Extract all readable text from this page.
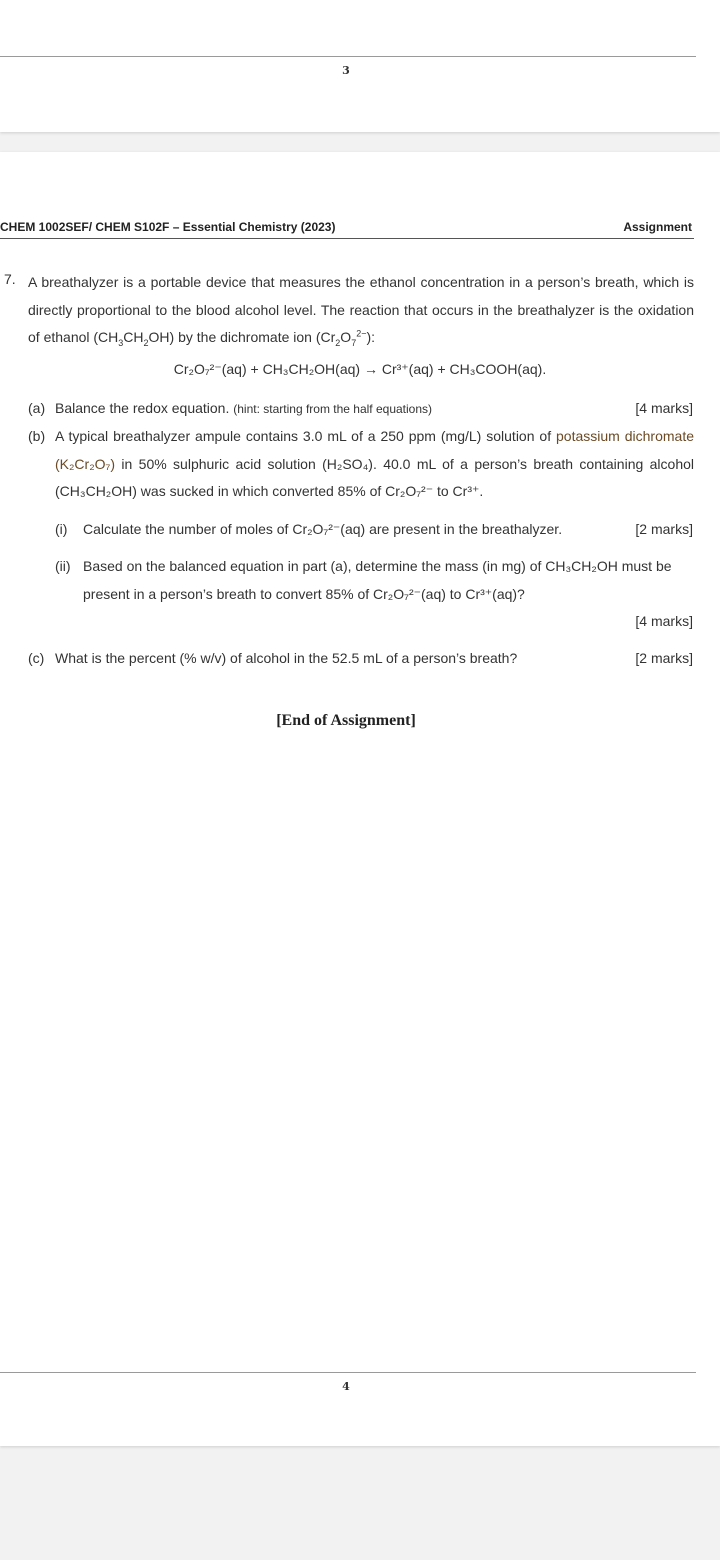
3
CHEM 1002SEF/ CHEM S102F – Essential Chemistry (2023)	Assignment
7. A breathalyzer is a portable device that measures the ethanol concentration in a person’s breath, which is directly proportional to the blood alcohol level. The reaction that occurs in the breathalyzer is the oxidation of ethanol $(CH_3CH_2OH)$ by the dichromate ion $(Cr_2O_7^{2-})$:
Cr₂O₇²⁻(aq) + CH₃CH₂OH(aq) → Cr³⁺(aq) + CH₃COOH(aq).
(a) Balance the redox equation. (hint: starting from the half equations)	[4 marks]
(b) A typical breathalyzer ampule contains 3.0 mL of a 250 ppm (mg/L) solution of potassium dichromate (K₂Cr₂O₇) in 50% sulphuric acid solution (H₂SO₄). 40.0 mL of a person’s breath containing alcohol (CH₃CH₂OH) was sucked in which converted 85% of Cr₂O₇²⁻ to Cr³⁺.
(i) Calculate the number of moles of Cr₂O₇²⁻(aq) are present in the breathalyzer.	[2 marks]
(ii) Based on the balanced equation in part (a), determine the mass (in mg) of CH₃CH₂OH must be present in a person’s breath to convert 85% of Cr₂O₇²⁻(aq) to Cr³⁺(aq)?
[4 marks]
(c) What is the percent (% w/v) of alcohol in the 52.5 mL of a person’s breath?	[2 marks]
[End of Assignment]
4
